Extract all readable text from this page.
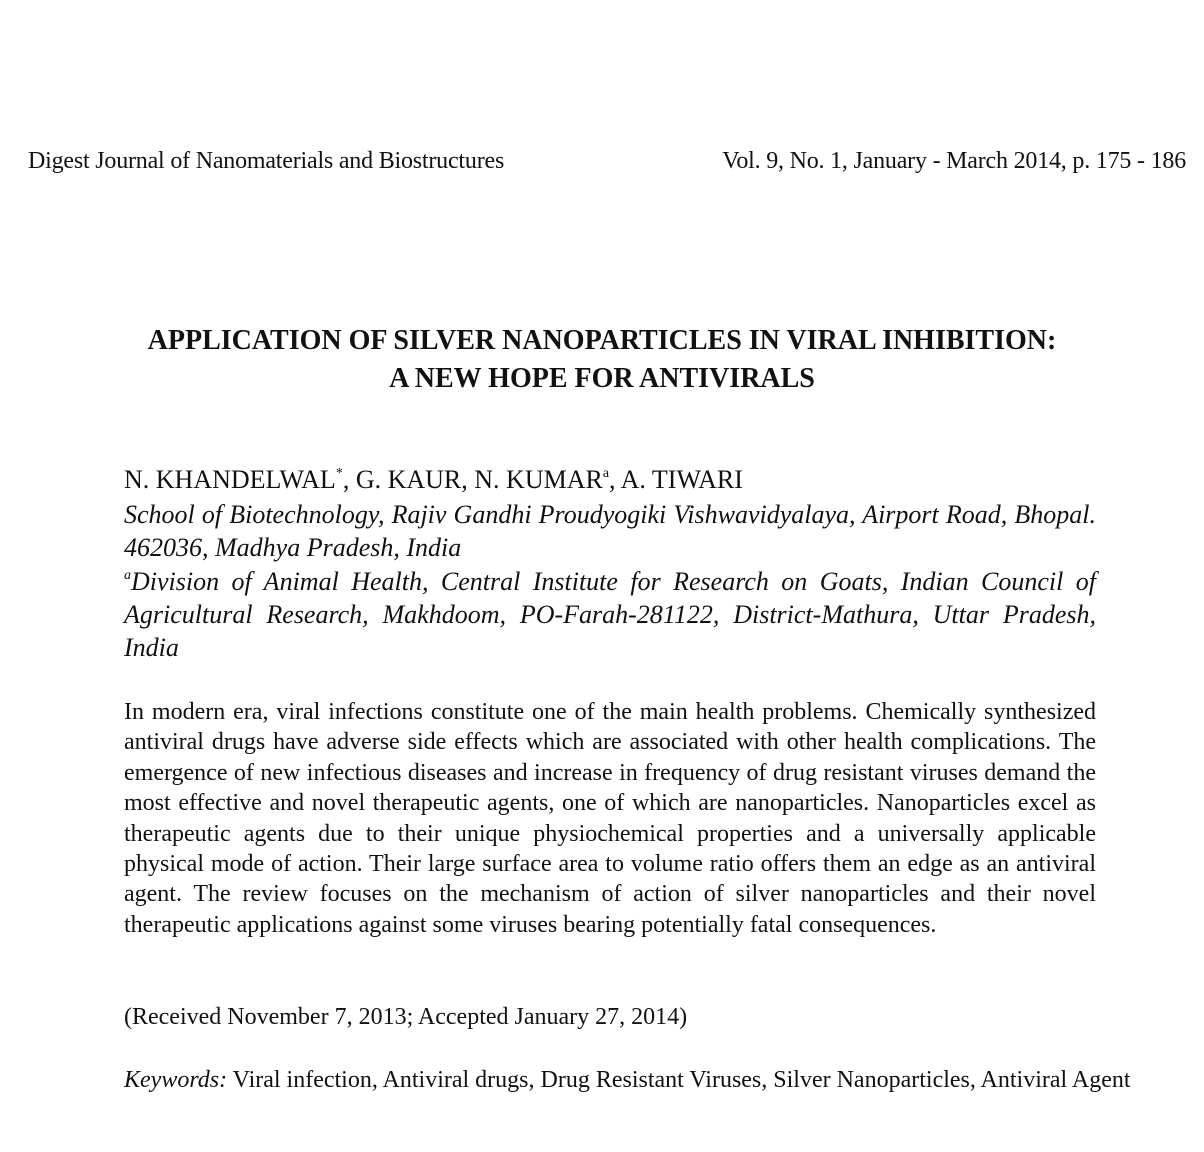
Digest Journal of Nanomaterials and Biostructures	Vol. 9, No. 1, January - March 2014, p. 175 - 186
APPLICATION OF SILVER NANOPARTICLES IN VIRAL INHIBITION:
A NEW HOPE FOR ANTIVIRALS
N. KHANDELWAL*, G. KAUR, N. KUMAR$^a$, A. TIWARI
School of Biotechnology, Rajiv Gandhi Proudyogiki Vishwavidyalaya, Airport Road, Bhopal. 462036, Madhya Pradesh, India
$^a$Division of Animal Health, Central Institute for Research on Goats, Indian Council of Agricultural Research, Makhdoom, PO-Farah-281122, District-Mathura, Uttar Pradesh, India
In modern era, viral infections constitute one of the main health problems. Chemically synthesized antiviral drugs have adverse side effects which are associated with other health complications. The emergence of new infectious diseases and increase in frequency of drug resistant viruses demand the most effective and novel therapeutic agents, one of which are nanoparticles. Nanoparticles excel as therapeutic agents due to their unique physiochemical properties and a universally applicable physical mode of action. Their large surface area to volume ratio offers them an edge as an antiviral agent. The review focuses on the mechanism of action of silver nanoparticles and their novel therapeutic applications against some viruses bearing potentially fatal consequences.
(Received November 7, 2013; Accepted January 27, 2014)
Keywords: Viral infection, Antiviral drugs, Drug Resistant Viruses, Silver Nanoparticles, Antiviral Agent
